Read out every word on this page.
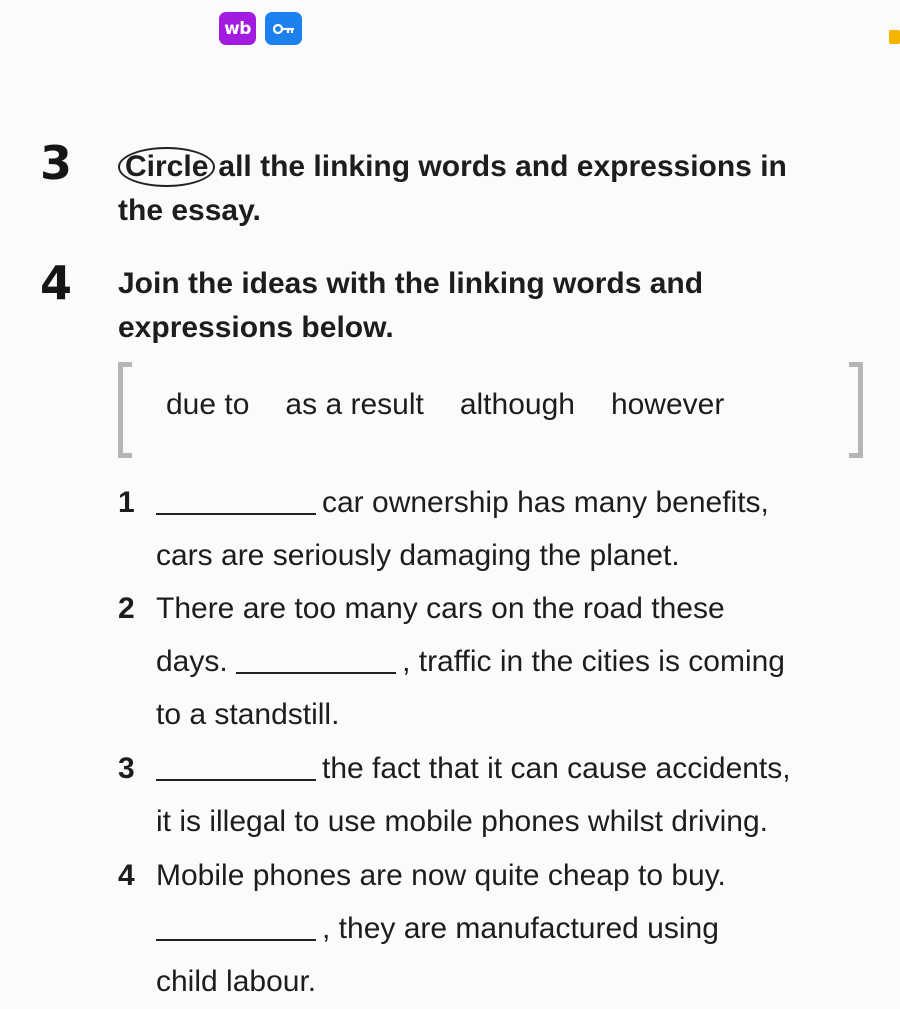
wb
3 Circle all the linking words and expressions in
the essay.
4 Join the ideas with the linking words and
expressions below.
due to as a result although however
1	car ownership has many benefits,
cars are seriously damaging the planet.
2 There are too many cars on the road these
days.	, traffic in the cities is coming
to a standstill.
3	the fact that it can cause accidents,
it is illegal to use mobile phones whilst driving.
4 Mobile phones are now quite cheap to buy.
, they are manufactured using
child labour.
